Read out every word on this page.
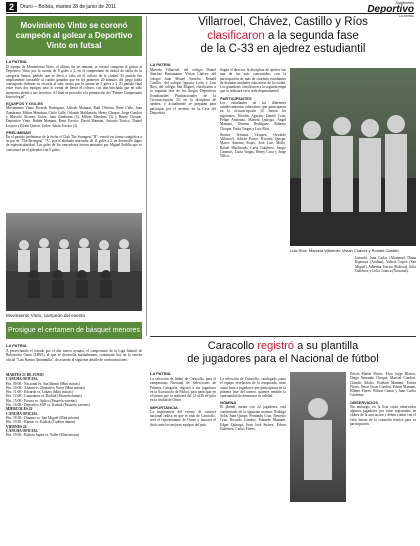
2	Oruro – Bolivia, martes 28 de junio de 2011
Suplemento
Deportivo
LA PATRIA
Movimiento Vinto se coronó campeón al golear a Deportivo Vinto en futsal
LA PATRIA
El equipo de Movimiento Vinto, el último fin de semana, se coronó campeón al golear al Deportivo Vinto por la cuenta de 8 goles a 2, en el campeonato de fútbol de salón de la categoría Senior, partido que se llevó a cabo en el coliseo de la ciudad. El partido fue ampliamente favorable al cuadro ganador que en los primeros 20 minutos del juego había conseguido elaborar su victoria al salir airoso por la cuenta de 5 goles a 1. El partido final entre estos dos equipos tuvo lo virtud de llenar el coliseo, con una hinchada que en todo momento alentó a sus favoritos. Al final se procedió a la premiación del "Primer Campeonato Intercolegial".
EQUIPOS Y GOLES
Movimiento Vinto: Ricardo Rodríguez, Alfredo Mamani, Raúl Oliveira, René Calle, Juan Zambrana, Milton Mendoza, Cirilo Calle, Orlando Maldonado, Henry Choque, Jorge Condori y Marcelo Alvarez. Goles: Juan Zambrana (3), Milton Mendoza (3) y Henry Choque. Deportivo Vinto: Rubén Mamani, René Torrico, David Mamani, Antonio Torrico, Daniel Loayza y Efraín Quiroz. Goles: Julián Torrico (2).
PRELIMINAR
En el partido preliminar de la fecha el Club The Strongest "B", venció en forma categórica a su par de "The Strongest" "A", por el abultado marcador de 11 goles a 2, en desarrollo digno de espectacularidad. Los goles de los vencedores fueron anotados por Miguel Padilla que se constituyó en el goleador con 6 goles.
Movimiento Vinto, campeón del evento
Prosigue el certamen de básquet menores
LA PATRIA
A provechando el feriado por el año nuevo aymara, el campeonato de la Liga Infantil de Baloncesto Oruro (LIBO), el que se desarrolla normalmente, continuará hoy en la cancha oficial "Luis Ramos Quintanilla", de acuerdo al siguiente detalle de confrontaciones:
MARTES 21 DE JUNIO
CANCHA OFICIAL
Hrs. 09:00.- Nacional vs. San Martín (Mini mixtas)
Hrs. 10:00.- Atlanta vs. Deportivo Norte (Mini mixtas)
Hrs. 11:00.- Edoardo vs. Lakers (Mini mixtas)
Hrs. 12:00.- Cuarentera vs. Kodiak (Pasarela damas)
Hrs. 15:00.- Pucara vs. Aplico (Pasarela varones)
Hrs. 16:00.- Deportivo SAP vs. Kodiak (Pasarela varones)
MIERCOLES 22
CANCHA OFICIAL
Hrs. 18:30.- Dinamo vs. San Miguel (Mini mixtas)
Hrs. 19:30.- Kansai vs. Kodiak (Cadetes damas)
VIERNES 24
CANCHA OFICIAL
Hrs. 19:00.- Bolívia Japón vs. Yaller (Mini mixtas)
Villarroel, Chávez, Castillo y Ríos
clasificaron a la segunda fase
de la C-33 en ajedrez estudiantil
LA PATRIA
Marcela Villarroel, del colegio Daniel Sánchez Bustamante; Vivian Chávez, del colegio Juan Misael Saracho, Ronald Castillo, del colegio Ignacio León y Luis Ríos, del colegio San Miguel, clasificaron a la segunda fase de los Juegos Deportivos Estudiantiles Plurinacionales de la Circunscripción 33, en la disciplina de ajedrez, y actualmente se preparan para participar por el ascenso en la Casa del Deportista.
Según el director, la disciplina de ajedrez fue una de las más concurridas, con la participación de más de cuarenta estudiantes de distintas unidades educativas de la ciudad. Los ganadores clasificaron a la segunda etapa que se realizará en la sede departamental.
PARTICIPANTES
Los estudiantes de los diferentes establecimientos educativos que participaron en la circunscripción 33, fueron los siguientes: Nicolás Agustín, Daniel Cruz, Felipe Antezana, Mariela Quiroga, Ángel Mamani, Ximena Rodríguez, Roberto Choque, Paola Vargas y Luis Ríos.
Jhonny Terrazas Vásquez, Oswaldo Villarroel, Adrián Ponce, Ricardo Quispe, Marco Antonio Rojas, José Luis Mollo, Rafael Machicado, Carla Gutiérrez, Sergio Canaviri, Lucía Vargas, Henry Coca y Jorge Villca.
Luis Ríos, Marcela Villarroel, Vivian Chávez y Ronald Castillo
Limachi, Juan Carlos (Alemana), Diana Espinoza (Andina), Valeria López (San Miguel), Adhemar Torrico (Bolívar), Julio Gutiérrez y Celia Cuenca (Nacional).
Caracollo registró a su plantilla
de jugadores para el Nacional de fútbol
LA PATRIA
La selección de fútbol de Caracollo, para el campeonato Nacional de Selecciones de Primera Categoría, registró a sus jugadores en la Asociación de Fútbol, para participar en el torneo que se realizará del 12 al 26 de julio en la ciudad de Oruro.
IMPORTANCIA
La importancia del evento de carácter nacional radica en que el club de Caracollo, será el representante de Oruro y buscará el título ante los mejores equipos del país.
La selección de Caracollo, catalogada como el equipo revelación de la temporada, tiene como base a jugadores que participaron en la primera fase del torneo, quienes tendrán la oportunidad de demostrar su calidad.
NÓMINA
El plantel cuenta con 22 jugadores, está conformado de la siguiente manera: Rodrigo Soliz, Juan Quispe, Fernando Cruz, Nemesio Cruz, Ricardo Condori, Eduardo Mamani, Edgar Quiroga, Juan José Suárez, Edwin Gutiérrez, Carlos Flores.
Edwin Martín Flores, Elvis Jorge Blanco, Diego Armando Choque, Marcial Condori, Claudio Adalio, Esteban Mamani, Edwin Flores, Omar Oscar Condori, Edwin Mamani, Hilmer Flores, Wilson Cazari y Juan Carlos Cárdenas.
OBSERVADOS
Sin embargo, en la lista están observados algunos jugadores por estar registrados en clubes de la asociación y deben contar con el visto bueno de la comisión técnica para su participación.
